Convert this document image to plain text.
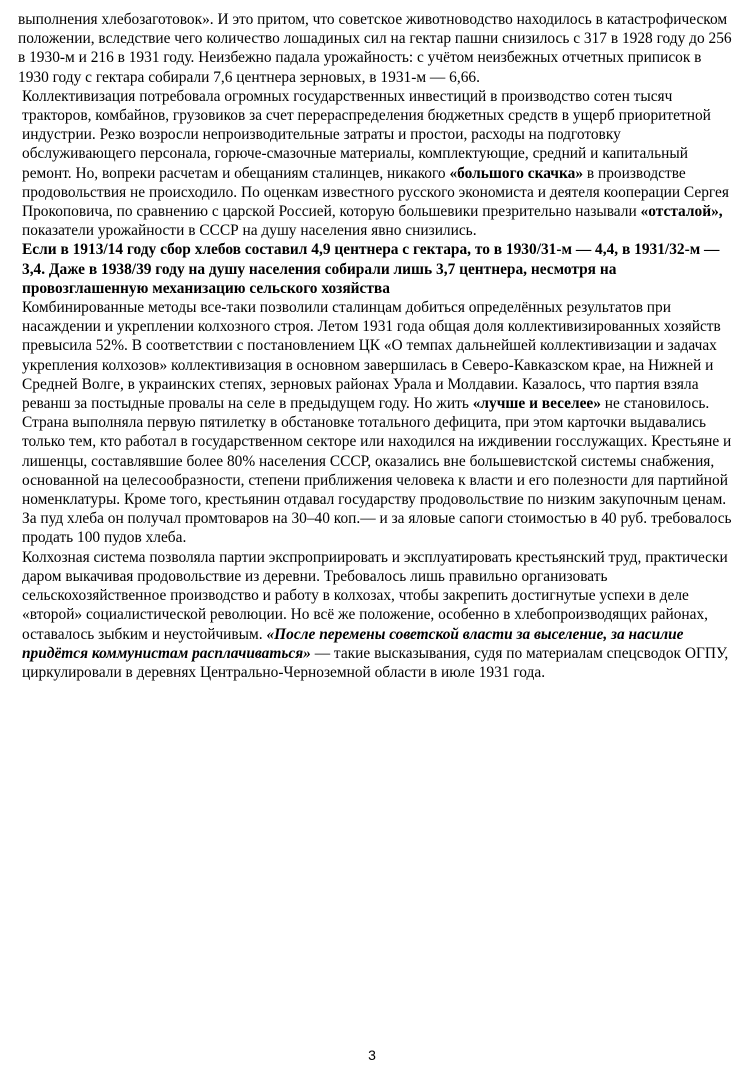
выполнения хлебозаготовок». И это притом, что советское животноводство находилось в катастрофическом положении, вследствие чего количество лошадиных сил на гектар пашни снизилось с 317 в 1928 году до 256 в 1930-м и 216 в 1931 году. Неизбежно падала урожайность: с учётом неизбежных отчетных приписок в 1930 году с гектара собирали 7,6 центнера зерновых, в 1931-м — 6,66.

Коллективизация потребовала огромных государственных инвестиций в производство сотен тысяч тракторов, комбайнов, грузовиков за счет перераспределения бюджетных средств в ущерб приоритетной индустрии. Резко возросли непроизводительные затраты и простои, расходы на подготовку обслуживающего персонала, горюче-смазочные материалы, комплектующие, средний и капитальный ремонт. Но, вопреки расчетам и обещаниям сталинцев, никакого «большого скачка» в производстве продовольствия не происходило. По оценкам известного русского экономиста и деятеля кооперации Сергея Прокоповича, по сравнению с царской Россией, которую большевики презрительно называли «отсталой», показатели урожайности в СССР на душу населения явно снизились.

Если в 1913/14 году сбор хлебов составил 4,9 центнера с гектара, то в 1930/31-м — 4,4, в 1931/32-м — 3,4. Даже в 1938/39 году на душу населения собирали лишь 3,7 центнера, несмотря на провозглашенную механизацию сельского хозяйства

Комбинированные методы все-таки позволили сталинцам добиться определённых результатов при насаждении и укреплении колхозного строя. Летом 1931 года общая доля коллективизированных хозяйств превысила 52%. В соответствии с постановлением ЦК «О темпах дальнейшей коллективизации и задачах укрепления колхозов» коллективизация в основном завершилась в Северо-Кавказском крае, на Нижней и Средней Волге, в украинских степях, зерновых районах Урала и Молдавии. Казалось, что партия взяла реванш за постыдные провалы на селе в предыдущем году. Но жить «лучше и веселее» не становилось. Страна выполняла первую пятилетку в обстановке тотального дефицита, при этом карточки выдавались только тем, кто работал в государственном секторе или находился на иждивении госслужащих. Крестьяне и лишенцы, составлявшие более 80% населения СССР, оказались вне большевистской системы снабжения, основанной на целесообразности, степени приближения человека к власти и его полезности для партийной номенклатуры. Кроме того, крестьянин отдавал государству продовольствие по низким закупочным ценам. За пуд хлеба он получал промтоваров на 30–40 коп.— и за яловые сапоги стоимостью в 40 руб. требовалось продать 100 пудов хлеба.

Колхозная система позволяла партии экспроприировать и эксплуатировать крестьянский труд, практически даром выкачивая продовольствие из деревни. Требовалось лишь правильно организовать сельскохозяйственное производство и работу в колхозах, чтобы закрепить достигнутые успехи в деле «второй» социалистической революции. Но всё же положение, особенно в хлебопроизводящих районах, оставалось зыбким и неустойчивым. «После перемены советской власти за выселение, за насилие придётся коммунистам расплачиваться» — такие высказывания, судя по материалам спецсводок ОГПУ, циркулировали в деревнях Центрально-Черноземной области в июле 1931 года.

3
